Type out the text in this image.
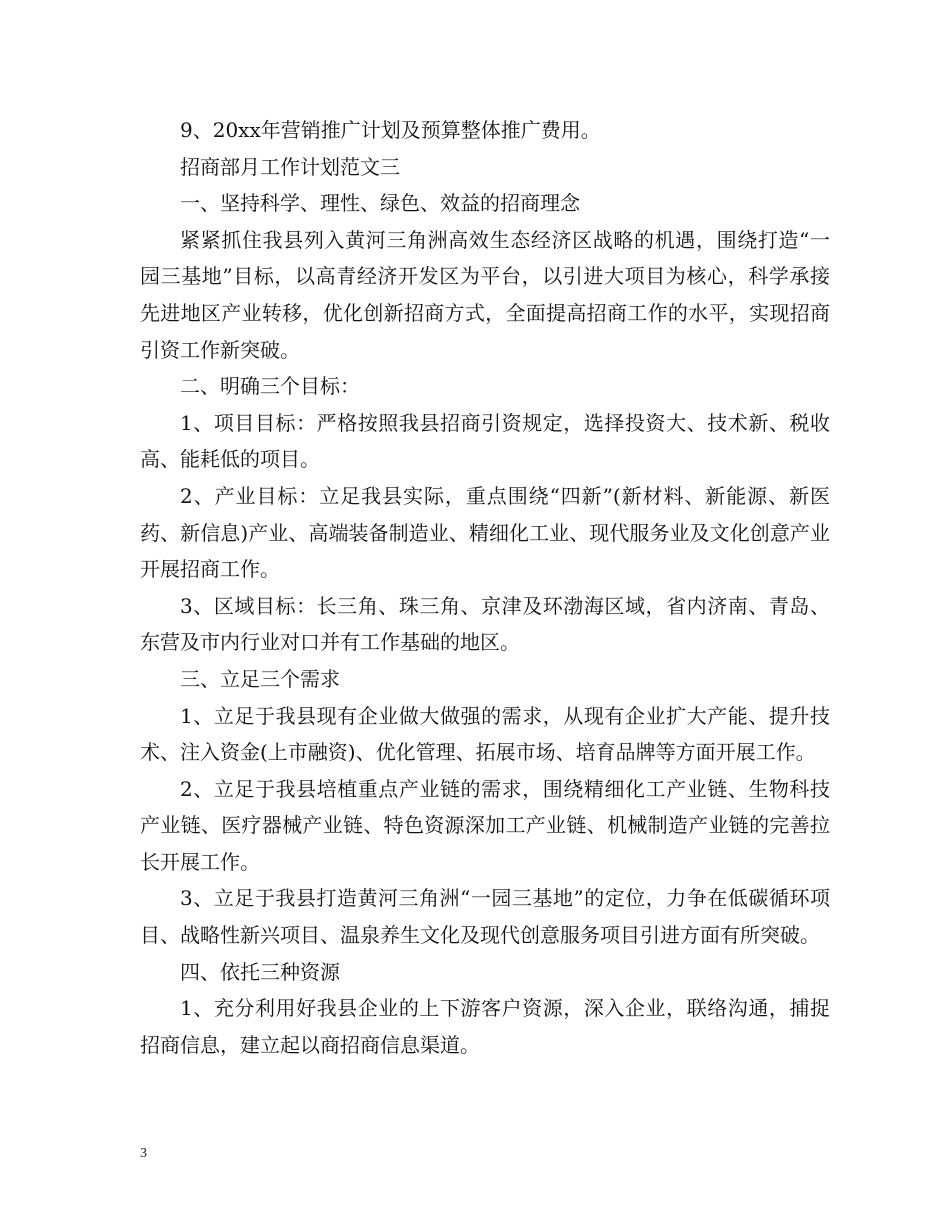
9、20xx年营销推广计划及预算整体推广费用。

招商部月工作计划范文三

一、坚持科学、理性、绿色、效益的招商理念

紧紧抓住我县列入黄河三角洲高效生态经济区战略的机遇，围绕打造“一园三基地”目标，以高青经济开发区为平台，以引进大项目为核心，科学承接先进地区产业转移，优化创新招商方式，全面提高招商工作的水平，实现招商引资工作新突破。

二、明确三个目标：

1、项目目标：严格按照我县招商引资规定，选择投资大、技术新、税收高、能耗低的项目。

2、产业目标：立足我县实际，重点围绕“四新”(新材料、新能源、新医药、新信息)产业、高端装备制造业、精细化工业、现代服务业及文化创意产业开展招商工作。

3、区域目标：长三角、珠三角、京津及环渤海区域，省内济南、青岛、东营及市内行业对口并有工作基础的地区。

三、立足三个需求

1、立足于我县现有企业做大做强的需求，从现有企业扩大产能、提升技术、注入资金(上市融资)、优化管理、拓展市场、培育品牌等方面开展工作。

2、立足于我县培植重点产业链的需求，围绕精细化工产业链、生物科技产业链、医疗器械产业链、特色资源深加工产业链、机械制造产业链的完善拉长开展工作。

3、立足于我县打造黄河三角洲“一园三基地”的定位，力争在低碳循环项目、战略性新兴项目、温泉养生文化及现代创意服务项目引进方面有所突破。

四、依托三种资源

1、充分利用好我县企业的上下游客户资源，深入企业，联络沟通，捕捉招商信息，建立起以商招商信息渠道。

3
